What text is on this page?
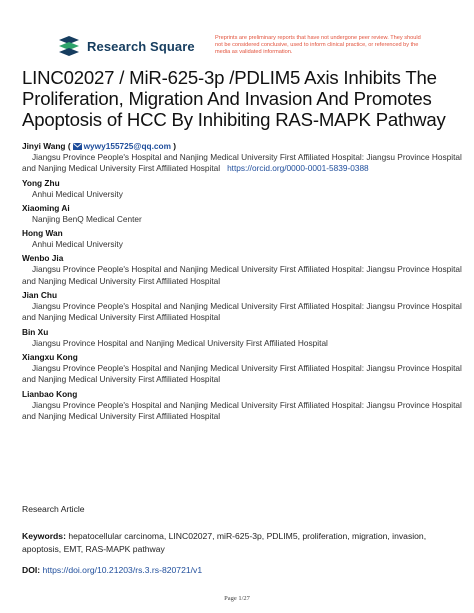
Research Square
Preprints are preliminary reports that have not undergone peer review. They should not be considered conclusive, used to inform clinical practice, or referenced by the media as validated information.
LINC02027 / MiR-625-3p /PDLIM5 Axis Inhibits The Proliferation, Migration And Invasion And Promotes Apoptosis of HCC By Inhibiting RAS-MAPK Pathway
Jinyi Wang ( wywy155725@qq.com )
Jiangsu Province People's Hospital and Nanjing Medical University First Affiliated Hospital: Jiangsu Province Hospital and Nanjing Medical University First Affiliated Hospital https://orcid.org/0000-0001-5839-0388
Yong Zhu
Anhui Medical University
Xiaoming Ai
Nanjing BenQ Medical Center
Hong Wan
Anhui Medical University
Wenbo Jia
Jiangsu Province People's Hospital and Nanjing Medical University First Affiliated Hospital: Jiangsu Province Hospital and Nanjing Medical University First Affiliated Hospital
Jian Chu
Jiangsu Province People's Hospital and Nanjing Medical University First Affiliated Hospital: Jiangsu Province Hospital and Nanjing Medical University First Affiliated Hospital
Bin Xu
Jiangsu Province Hospital and Nanjing Medical University First Affiliated Hospital
Xiangxu Kong
Jiangsu Province People's Hospital and Nanjing Medical University First Affiliated Hospital: Jiangsu Province Hospital and Nanjing Medical University First Affiliated Hospital
Lianbao Kong
Jiangsu Province People's Hospital and Nanjing Medical University First Affiliated Hospital: Jiangsu Province Hospital and Nanjing Medical University First Affiliated Hospital
Research Article
Keywords: hepatocellular carcinoma, LINC02027, miR-625-3p, PDLIM5, proliferation, migration, invasion, apoptosis, EMT, RAS-MAPK pathway
DOI: https://doi.org/10.21203/rs.3.rs-820721/v1
Page 1/27
